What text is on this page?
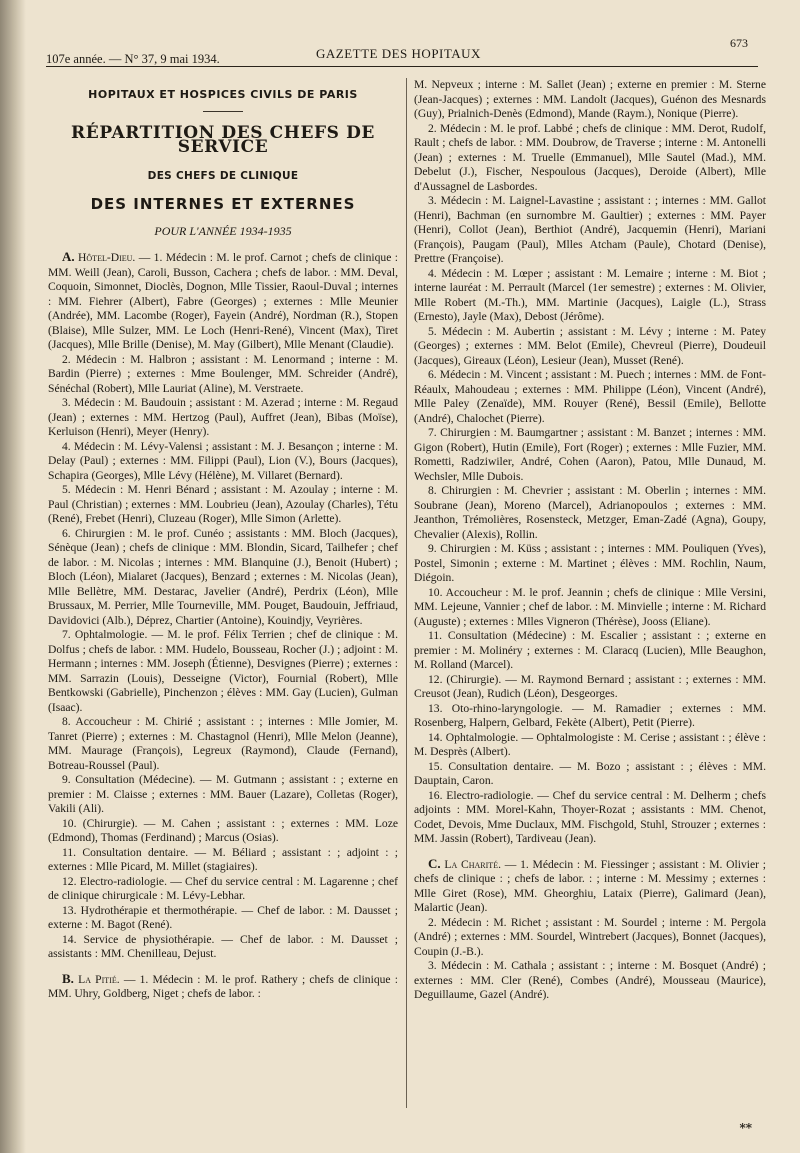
107e année. — N° 37, 9 mai 1934.	GAZETTE DES HOPITAUX
673

HOPITAUX ET HOSPICES CIVILS DE PARIS

RÉPARTITION DES CHEFS DE SERVICE

DES CHEFS DE CLINIQUE

DES INTERNES ET EXTERNES

POUR L'ANNÉE 1934-1935

A. Hôtel-Dieu. — 1. Médecin : M. le prof. Carnot ; chefs de clinique : MM. Weill (Jean), Caroli, Busson, Cachera ; chefs de labor. : MM. Deval, Coquoin, Simonnet, Dioclès, Dognon, Mlle Tissier, Raoul-Duval ; internes : MM. Fiehrer (Albert), Fabre (Georges) ; externes : Mlle Meunier (Andrée), MM. Lacombe (Roger), Fayein (André), Nordman (R.), Stopen (Blaise), Mlle Sulzer, MM. Le Loch (Henri-René), Vincent (Max), Tiret (Jacques), Mlle Brille (Denise), M. May (Gilbert), Mlle Menant (Claudie).

2. Médecin : M. Halbron ; assistant : M. Lenormand ; interne : M. Bardin (Pierre) ; externes : Mme Boulenger, MM. Schreider (André), Sénéchal (Robert), Mlle Lauriat (Aline), M. Verstraete.

3. Médecin : M. Baudouin ; assistant : M. Azerad ; interne : M. Regaud (Jean) ; externes : MM. Hertzog (Paul), Auffret (Jean), Bibas (Moïse), Kerluison (Henri), Meyer (Henry).

4. Médecin : M. Lévy-Valensi ; assistant : M. J. Besançon ; interne : M. Delay (Paul) ; externes : MM. Filippi (Paul), Lion (V.), Bours (Jacques), Schapira (Georges), Mlle Lévy (Hélène), M. Villaret (Bernard).

5. Médecin : M. Henri Bénard ; assistant : M. Azoulay ; interne : M. Paul (Christian) ; externes : MM. Loubrieu (Jean), Azoulay (Charles), Tétu (René), Frebet (Henri), Cluzeau (Roger), Mlle Simon (Arlette).

6. Chirurgien : M. le prof. Cunéo ; assistants : MM. Bloch (Jacques), Sénèque (Jean) ; chefs de clinique : MM. Blondin, Sicard, Tailhefer ; chef de labor. : M. Nicolas ; internes : MM. Blanquine (J.), Benoit (Hubert) ; Bloch (Léon), Mialaret (Jacques), Benzard ; externes : M. Nicolas (Jean), Mlle Bellètre, MM. Destarac, Javelier (André), Perdrix (Léon), Mlle Brussaux, M. Perrier, Mlle Tourneville, MM. Pouget, Baudouin, Jeffriaud, Davidovici (Alb.), Déprez, Chartier (Antoine), Kouindjy, Veyrières.

7. Ophtalmologie. — M. le prof. Félix Terrien ; chef de clinique : M. Dolfus ; chefs de labor. : MM. Hudelo, Bousseau, Rocher (J.) ; adjoint : M. Hermann ; internes : MM. Joseph (Étienne), Desvignes (Pierre) ; externes : MM. Sarrazin (Louis), Desseigne (Victor), Fournial (Robert), Mlle Bentkowski (Gabrielle), Pinchenzon ; élèves : MM. Gay (Lucien), Gulman (Isaac).

8. Accoucheur : M. Chirié ; assistant : ; internes : Mlle Jomier, M. Tanret (Pierre) ; externes : M. Chastagnol (Henri), Mlle Melon (Jeanne), MM. Maurage (François), Legreux (Raymond), Claude (Fernand), Botreau-Roussel (Paul).

9. Consultation (Médecine). — M. Gutmann ; assistant : ; externe en premier : M. Claisse ; externes : MM. Bauer (Lazare), Colletas (Roger), Vakili (Ali).

10. (Chirurgie). — M. Cahen ; assistant : ; externes : MM. Loze (Edmond), Thomas (Ferdinand) ; Marcus (Osias).

11. Consultation dentaire. — M. Béliard ; assistant : ; adjoint : ; externes : Mlle Picard, M. Millet (stagiaires).

12. Electro-radiologie. — Chef du service central : M. Lagarenne ; chef de clinique chirurgicale : M. Lévy-Lebhar.

13. Hydrothérapie et thermothérapie. — Chef de labor. : M. Dausset ; externe : M. Bagot (René).

14. Service de physiothérapie. — Chef de labor. : M. Dausset ; assistants : MM. Chenilleau, Dejust.

B. La Pitié. — 1. Médecin : M. le prof. Rathery ; chefs de clinique : MM. Uhry, Goldberg, Niget ; chefs de labor. :

M. Nepveux ; interne : M. Sallet (Jean) ; externe en premier : M. Sterne (Jean-Jacques) ; externes : MM. Landolt (Jacques), Guénon des Mesnards (Guy), Prialnich-Denès (Edmond), Mande (Raym.), Nonique (Pierre).

2. Médecin : M. le prof. Labbé ; chefs de clinique : MM. Derot, Rudolf, Rault ; chefs de labor. : MM. Doubrow, de Traverse ; interne : M. Antonelli (Jean) ; externes : M. Truelle (Emmanuel), Mlle Sautel (Mad.), MM. Debelut (J.), Fischer, Nespoulous (Jacques), Deroide (Albert), Mlle d'Aussagnel de Lasbordes.

3. Médecin : M. Laignel-Lavastine ; assistant : ; internes : MM. Gallot (Henri), Bachman (en surnombre M. Gaultier) ; externes : MM. Payer (Henri), Collot (Jean), Berthiot (André), Jacquemin (Henri), Mariani (François), Paugam (Paul), Mlles Atcham (Paule), Chotard (Denise), Prettre (Françoise).

4. Médecin : M. Lœper ; assistant : M. Lemaire ; interne : M. Biot ; interne lauréat : M. Perrault (Marcel (1er semestre) ; externes : M. Olivier, Mlle Robert (M.-Th.), MM. Martinie (Jacques), Laigle (L.), Strass (Ernesto), Jayle (Max), Debost (Jérôme).

5. Médecin : M. Aubertin ; assistant : M. Lévy ; interne : M. Patey (Georges) ; externes : MM. Belot (Emile), Chevreul (Pierre), Doudeuil (Jacques), Gireaux (Léon), Lesieur (Jean), Musset (René).

6. Médecin : M. Vincent ; assistant : M. Puech ; internes : MM. de Font-Réaulx, Mahoudeau ; externes : MM. Philippe (Léon), Vincent (André), Mlle Paley (Zenaïde), MM. Rouyer (René), Bessil (Emile), Bellotte (André), Chalochet (Pierre).

7. Chirurgien : M. Baumgartner ; assistant : M. Banzet ; internes : MM. Gigon (Robert), Hutin (Emile), Fort (Roger) ; externes : Mlle Fuzier, MM. Rometti, Radziwiler, André, Cohen (Aaron), Patou, Mlle Dunaud, M. Wechsler, Mlle Dubois.

8. Chirurgien : M. Chevrier ; assistant : M. Oberlin ; internes : MM. Soubrane (Jean), Moreno (Marcel), Adrianopoulos ; externes : MM. Jeanthon, Trémolières, Rosensteck, Metzger, Eman-Zadé (Agna), Goupy, Chevalier (Alexis), Rollin.

9. Chirurgien : M. Küss ; assistant : ; internes : MM. Pouliquen (Yves), Postel, Simonin ; externe : M. Martinet ; élèves : MM. Rochlin, Naum, Diégoin.

10. Accoucheur : M. le prof. Jeannin ; chefs de clinique : Mlle Versini, MM. Lejeune, Vannier ; chef de labor. : M. Minvielle ; interne : M. Richard (Auguste) ; externes : Mlles Vigneron (Thérèse), Jooss (Eliane).

11. Consultation (Médecine) : M. Escalier ; assistant : ; externe en premier : M. Molinéry ; externes : M. Claracq (Lucien), Mlle Beaughon, M. Rolland (Marcel).

12. (Chirurgie). — M. Raymond Bernard ; assistant : ; externes : MM. Creusot (Jean), Rudich (Léon), Desgeorges.

13. Oto-rhino-laryngologie. — M. Ramadier ; externes : MM. Rosenberg, Halpern, Gelbard, Fekète (Albert), Petit (Pierre).

14. Ophtalmologie. — Ophtalmologiste : M. Cerise ; assistant : ; élève : M. Desprès (Albert).

15. Consultation dentaire. — M. Bozo ; assistant : ; élèves : MM. Dauptain, Caron.

16. Electro-radiologie. — Chef du service central : M. Delherm ; chefs adjoints : MM. Morel-Kahn, Thoyer-Rozat ; assistants : MM. Chenot, Codet, Devois, Mme Duclaux, MM. Fischgold, Stuhl, Strouzer ; externes : MM. Jassin (Robert), Tardiveau (Jean).

C. La Charité. — 1. Médecin : M. Fiessinger ; assistant : M. Olivier ; chefs de clinique : ; chefs de labor. : ; interne : M. Messimy ; externes : Mlle Giret (Rose), MM. Gheorghiu, Lataix (Pierre), Galimard (Jean), Malartic (Jean).

2. Médecin : M. Richet ; assistant : M. Sourdel ; interne : M. Pergola (André) ; externes : MM. Sourdel, Wintrebert (Jacques), Bonnet (Jacques), Coupin (J.-B.).

3. Médecin : M. Cathala ; assistant : ; interne : M. Bosquet (André) ; externes : MM. Cler (René), Combes (André), Mousseau (Maurice), Deguillaume, Gazel (André).

**
